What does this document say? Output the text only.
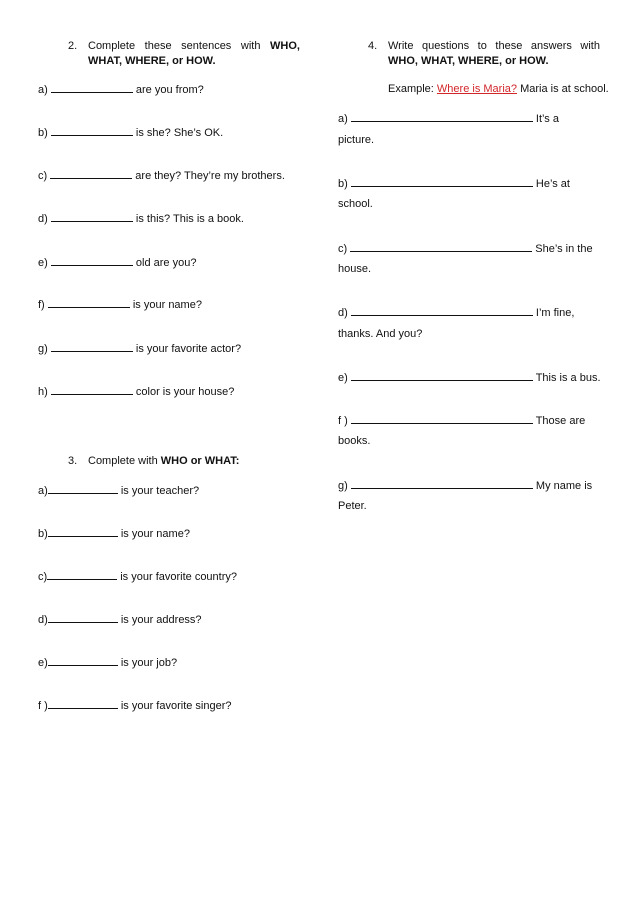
2. Complete these sentences with WHO,
WHAT, WHERE, or HOW.
a)	are you from?
b)	is she? She’s OK.
c)	are they? They’re my brothers.
d)	is this? This is a book.
e)	old are you?
f)	is your name?
g)	is your favorite actor?
h)	color is your house?
3. Complete with WHO or WHAT:
a)	is your teacher?
b)	is your name?
c)	is your favorite country?
d)	is your address?
e)	is your job?
f )	is your favorite singer?
4. Write questions to these answers with
WHO, WHAT, WHERE, or HOW.
Example: Where is Maria? Maria is at school.
a)	It’s a
picture.
b)	He’s at
school.
c)	She’s in the
house.
d)	I’m fine,
thanks. And you?
e)	This is a bus.
f )	Those are
books.
g)	My name is
Peter.
